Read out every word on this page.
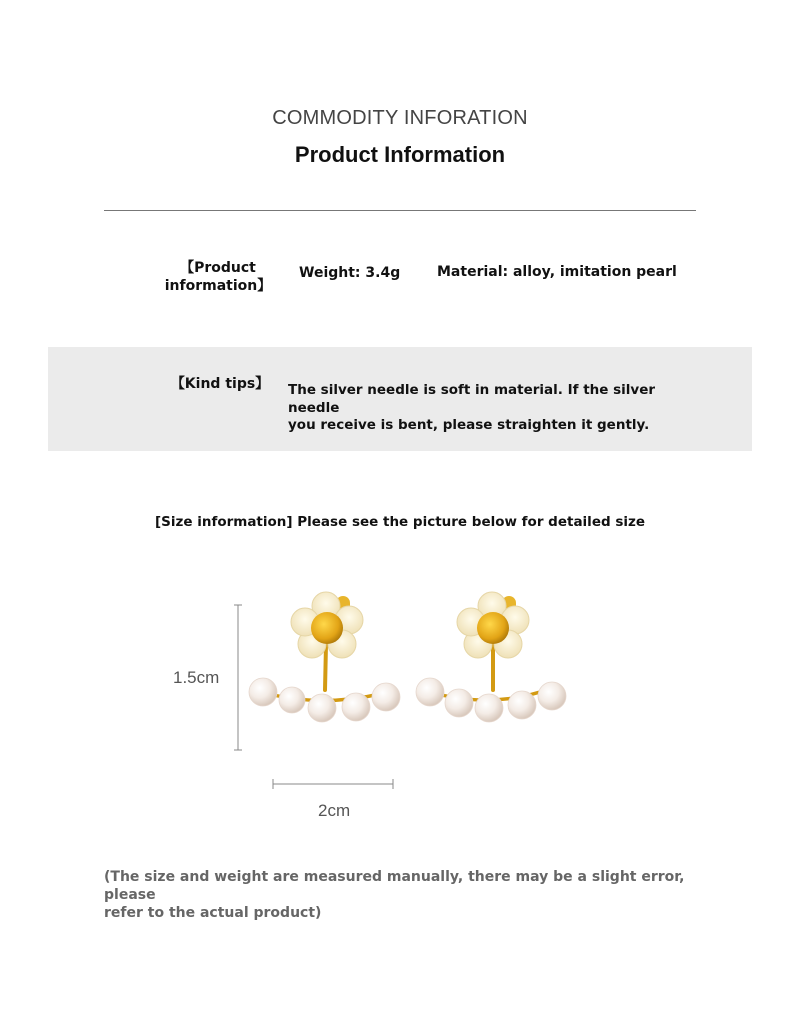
COMMODITY INFORATION
Product Information
【Product
information】
Weight: 3.4g	Material: alloy, imitation pearl
【Kind tips】 The silver needle is soft in material. If the silver needle
you receive is bent, please straighten it gently.
[Size information] Please see the picture below for detailed size
1.5cm
2cm
(The size and weight are measured manually, there may be a slight error, please
refer to the actual product)
